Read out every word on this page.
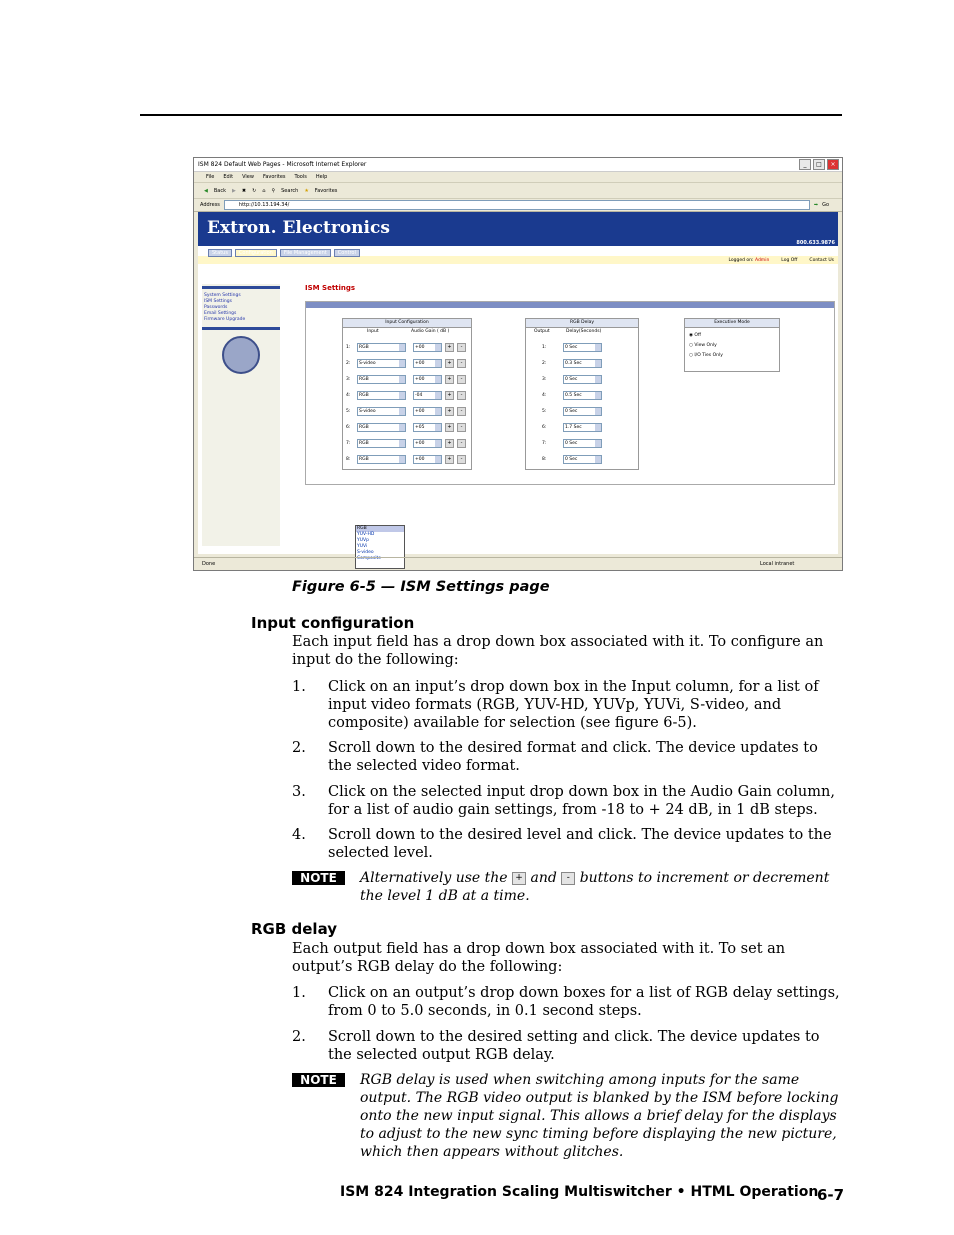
ISM 824 Default Web Pages - Microsoft Internet Explorer	_	□	×
File Edit View Favorites Tools Help
◀ Back ▶ ✖ ↻ ⌂ ⚲ Search ★ Favorites
Address	http://10.13.194.34/	➡ Go
Extron. Electronics
800.633.9876
Status	Configuration	File Management	Control
Logged on: Admin	Log Off	Contact Us
System Settings
ISM Settings
Passwords
Email Settings
Firmware Upgrade
ISM Settings
Input Configuration
Input	Audio Gain ( dB )
1:	RGB	+00	+	-
2:	S-video	+00	+	-
3:	RGB	+00	+	-
4:	RGB	-04	+	-
5:	S-video	+00	+	-
6:	RGB	+05	+	-
7:	RGB	+00	+	-
8:	RGB	+00	+	-
RGB Delay
Output	Delay(Seconds)
1:	0 Sec
2:	0.3 Sec
3:	0 Sec
4:	0.5 Sec
5:	0 Sec
6:	1.7 Sec
7:	0 Sec
8:	0 Sec
Executive Mode
◉ Off
○ View Only
○ I/O Ties Only
RGB
YUV-HD
YUVp
YUVi
S-video
Composite
Done	Local intranet
Figure 6-5 — ISM Settings page
Input configuration
Each input field has a drop down box associated with it. To configure an input do the following:
1. Click on an input’s drop down box in the Input column, for a list of input video formats (RGB, YUV-HD, YUVp, YUVi, S-video, and composite) available for selection (see figure 6-5).
2. Scroll down to the desired format and click. The device updates to the selected video format.
3. Click on the selected input drop down box in the Audio Gain column, for a list of audio gain settings, from -18 to + 24 dB, in 1 dB steps.
4. Scroll down to the desired level and click. The device updates to the selected level.
NOTE	Alternatively use the + and - buttons to increment or decrement the level 1 dB at a time.
RGB delay
Each output field has a drop down box associated with it. To set an output’s RGB delay do the following:
1. Click on an output’s drop down boxes for a list of RGB delay settings, from 0 to 5.0 seconds, in 0.1 second steps.
2. Scroll down to the desired setting and click. The device updates to the selected output RGB delay.
NOTE	RGB delay is used when switching among inputs for the same output. The RGB video output is blanked by the ISM before locking onto the new input signal. This allows a brief delay for the displays to adjust to the new sync timing before displaying the new picture, which then appears without glitches.
ISM 824 Integration Scaling Multiswitcher • HTML Operation
6-7
